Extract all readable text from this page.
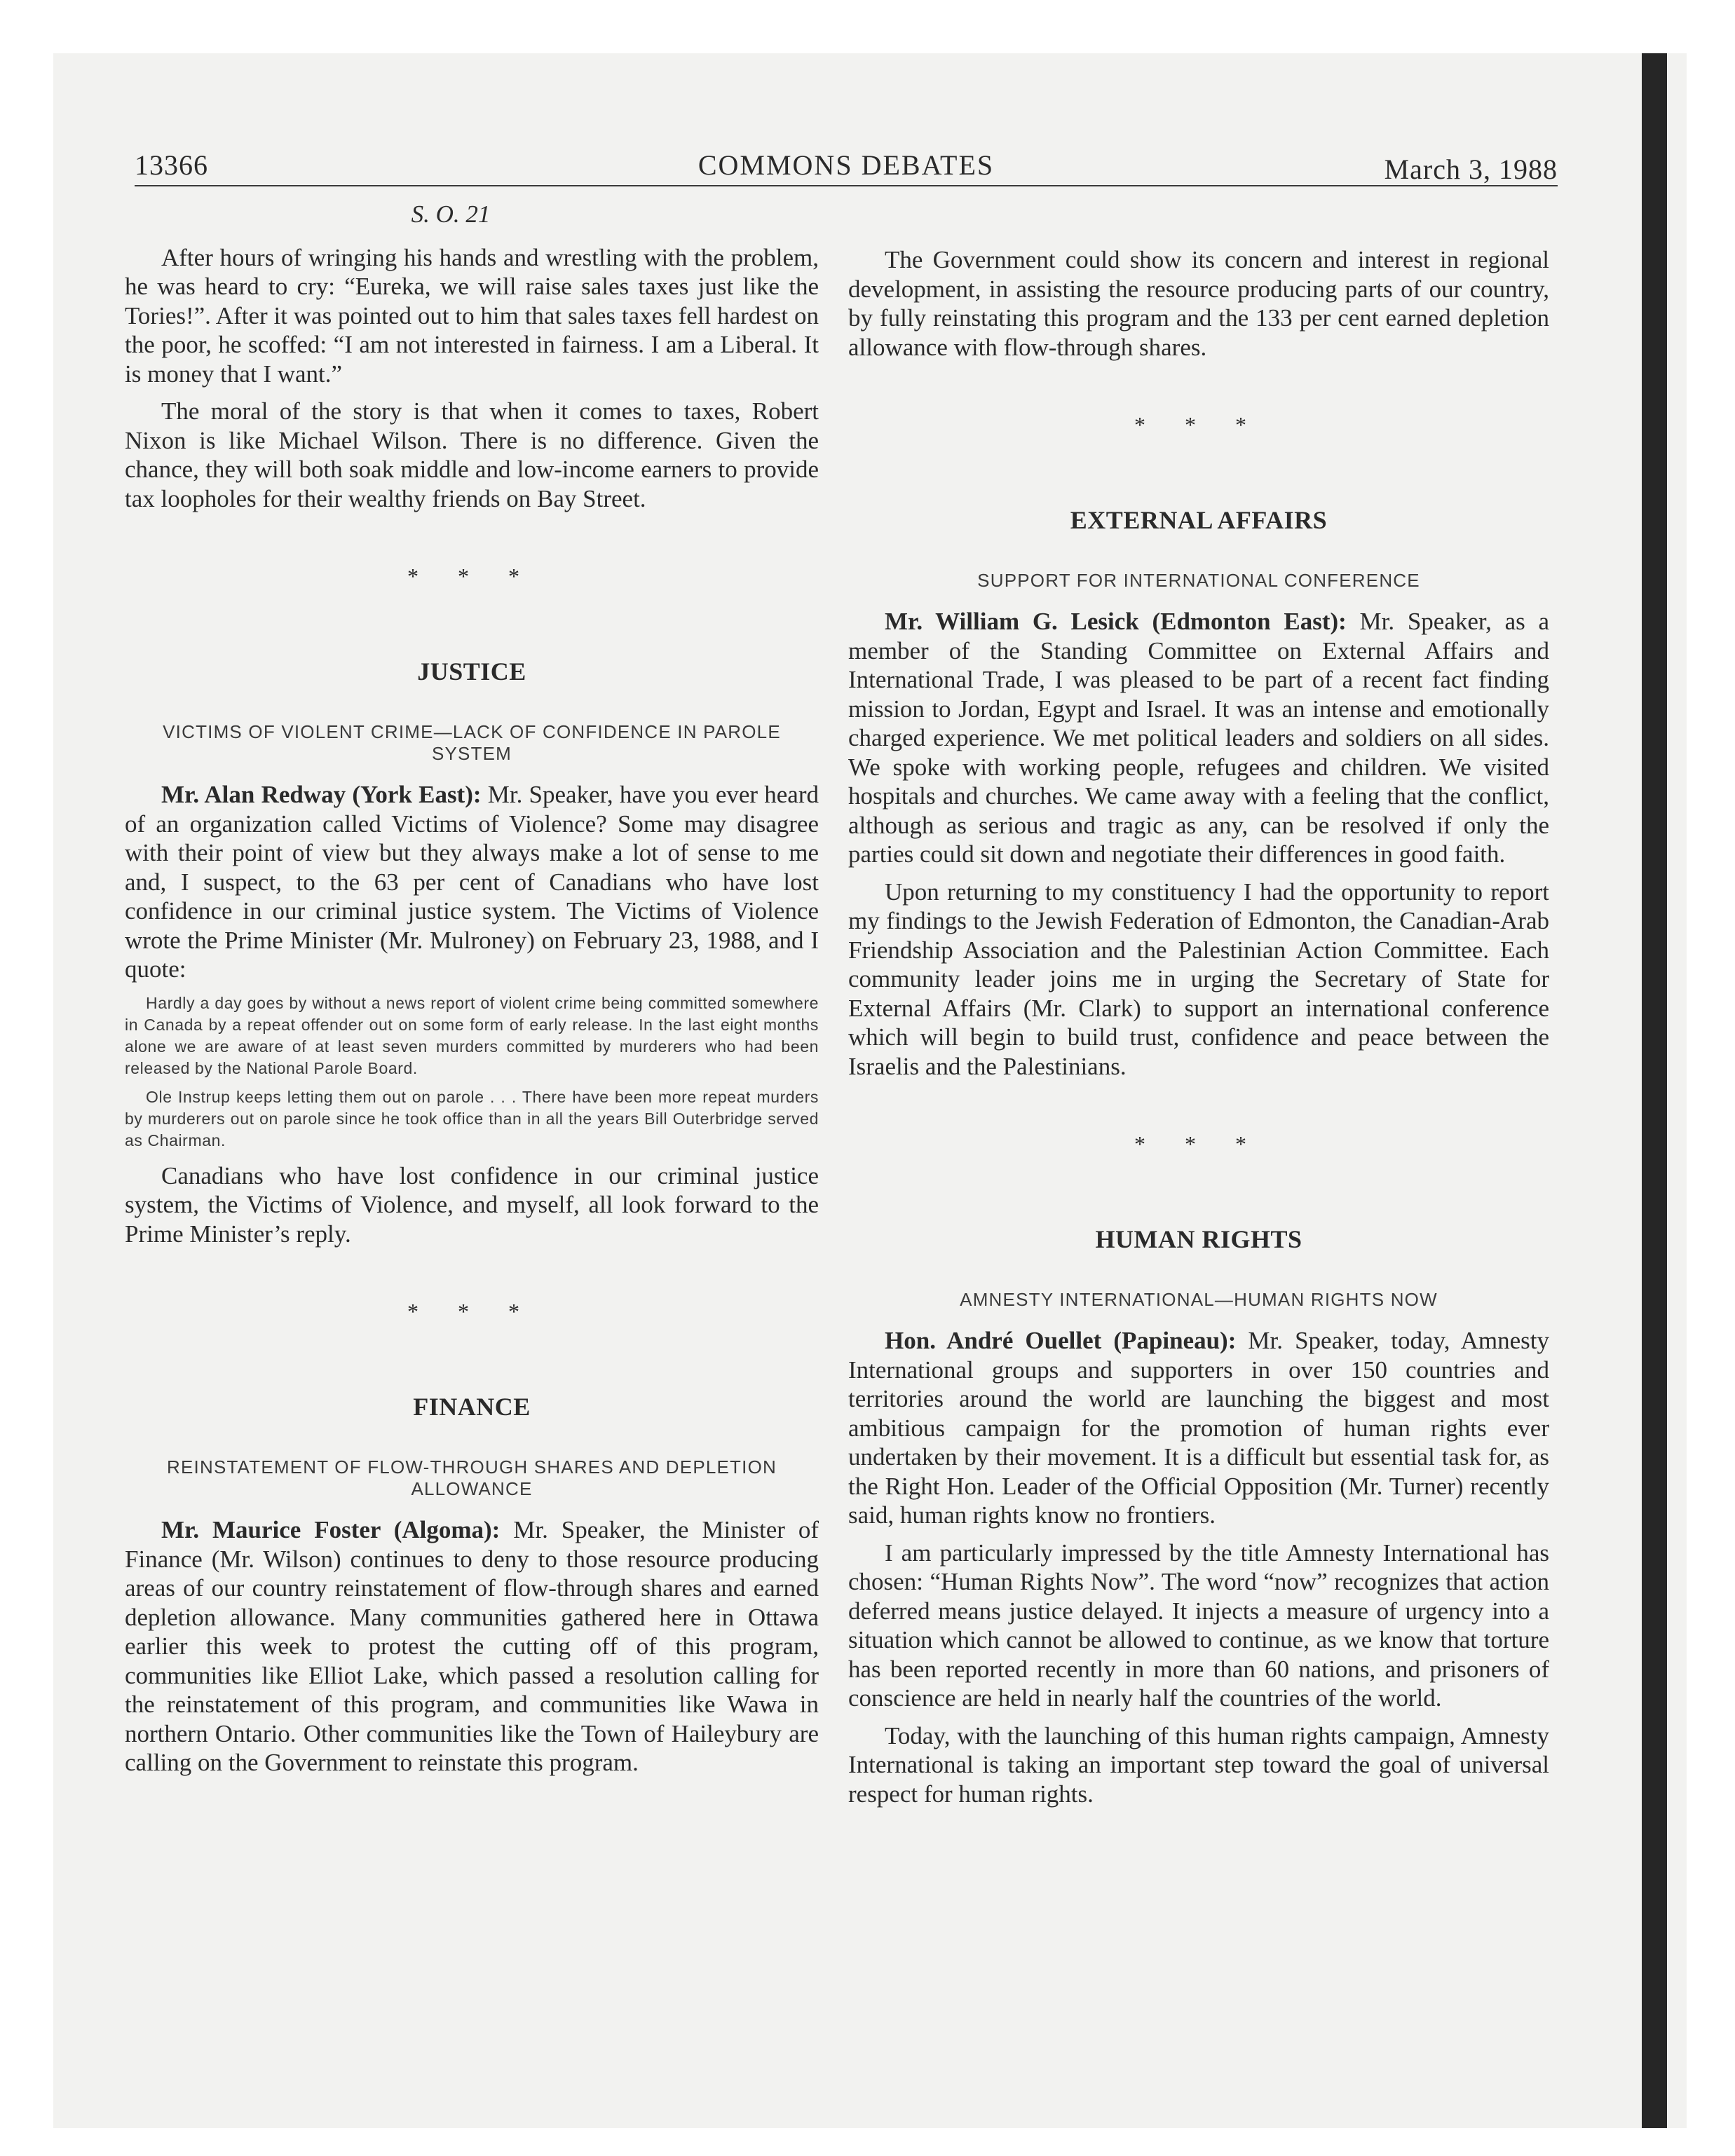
13366	COMMONS DEBATES	March 3, 1988

S. O. 21

After hours of wringing his hands and wrestling with the problem, he was heard to cry: “Eureka, we will raise sales taxes just like the Tories!”. After it was pointed out to him that sales taxes fell hardest on the poor, he scoffed: “I am not interested in fairness. I am a Liberal. It is money that I want.”

The moral of the story is that when it comes to taxes, Robert Nixon is like Michael Wilson. There is no difference. Given the chance, they will both soak middle and low-income earners to provide tax loopholes for their wealthy friends on Bay Street.

* * *

JUSTICE
VICTIMS OF VIOLENT CRIME—LACK OF CONFIDENCE IN PAROLE SYSTEM

Mr. Alan Redway (York East): Mr. Speaker, have you ever heard of an organization called Victims of Violence? Some may disagree with their point of view but they always make a lot of sense to me and, I suspect, to the 63 per cent of Canadians who have lost confidence in our criminal justice system. The Victims of Violence wrote the Prime Minister (Mr. Mulroney) on February 23, 1988, and I quote:

Hardly a day goes by without a news report of violent crime being committed somewhere in Canada by a repeat offender out on some form of early release. In the last eight months alone we are aware of at least seven murders committed by murderers who had been released by the National Parole Board.

Ole Instrup keeps letting them out on parole . . . There have been more repeat murders by murderers out on parole since he took office than in all the years Bill Outerbridge served as Chairman.

Canadians who have lost confidence in our criminal justice system, the Victims of Violence, and myself, all look forward to the Prime Minister’s reply.

* * *

FINANCE
REINSTATEMENT OF FLOW-THROUGH SHARES AND DEPLETION ALLOWANCE

Mr. Maurice Foster (Algoma): Mr. Speaker, the Minister of Finance (Mr. Wilson) continues to deny to those resource producing areas of our country reinstatement of flow-through shares and earned depletion allowance. Many communities gathered here in Ottawa earlier this week to protest the cutting off of this program, communities like Elliot Lake, which passed a resolution calling for the reinstatement of this program, and communities like Wawa in northern Ontario. Other communities like the Town of Haileybury are calling on the Government to reinstate this program.

The Government could show its concern and interest in regional development, in assisting the resource producing parts of our country, by fully reinstating this program and the 133 per cent earned depletion allowance with flow-through shares.

* * *

EXTERNAL AFFAIRS
SUPPORT FOR INTERNATIONAL CONFERENCE

Mr. William G. Lesick (Edmonton East): Mr. Speaker, as a member of the Standing Committee on External Affairs and International Trade, I was pleased to be part of a recent fact finding mission to Jordan, Egypt and Israel. It was an intense and emotionally charged experience. We met political leaders and soldiers on all sides. We spoke with working people, refugees and children. We visited hospitals and churches. We came away with a feeling that the conflict, although as serious and tragic as any, can be resolved if only the parties could sit down and negotiate their differences in good faith.

Upon returning to my constituency I had the opportunity to report my findings to the Jewish Federation of Edmonton, the Canadian-Arab Friendship Association and the Palestinian Action Committee. Each community leader joins me in urging the Secretary of State for External Affairs (Mr. Clark) to support an international conference which will begin to build trust, confidence and peace between the Israelis and the Palestinians.

* * *

HUMAN RIGHTS
AMNESTY INTERNATIONAL—HUMAN RIGHTS NOW

Hon. André Ouellet (Papineau): Mr. Speaker, today, Amnesty International groups and supporters in over 150 countries and territories around the world are launching the biggest and most ambitious campaign for the promotion of human rights ever undertaken by their movement. It is a difficult but essential task for, as the Right Hon. Leader of the Official Opposition (Mr. Turner) recently said, human rights know no frontiers.

I am particularly impressed by the title Amnesty International has chosen: “Human Rights Now”. The word “now” recognizes that action deferred means justice delayed. It injects a measure of urgency into a situation which cannot be allowed to continue, as we know that torture has been reported recently in more than 60 nations, and prisoners of conscience are held in nearly half the countries of the world.

Today, with the launching of this human rights campaign, Amnesty International is taking an important step toward the goal of universal respect for human rights.
